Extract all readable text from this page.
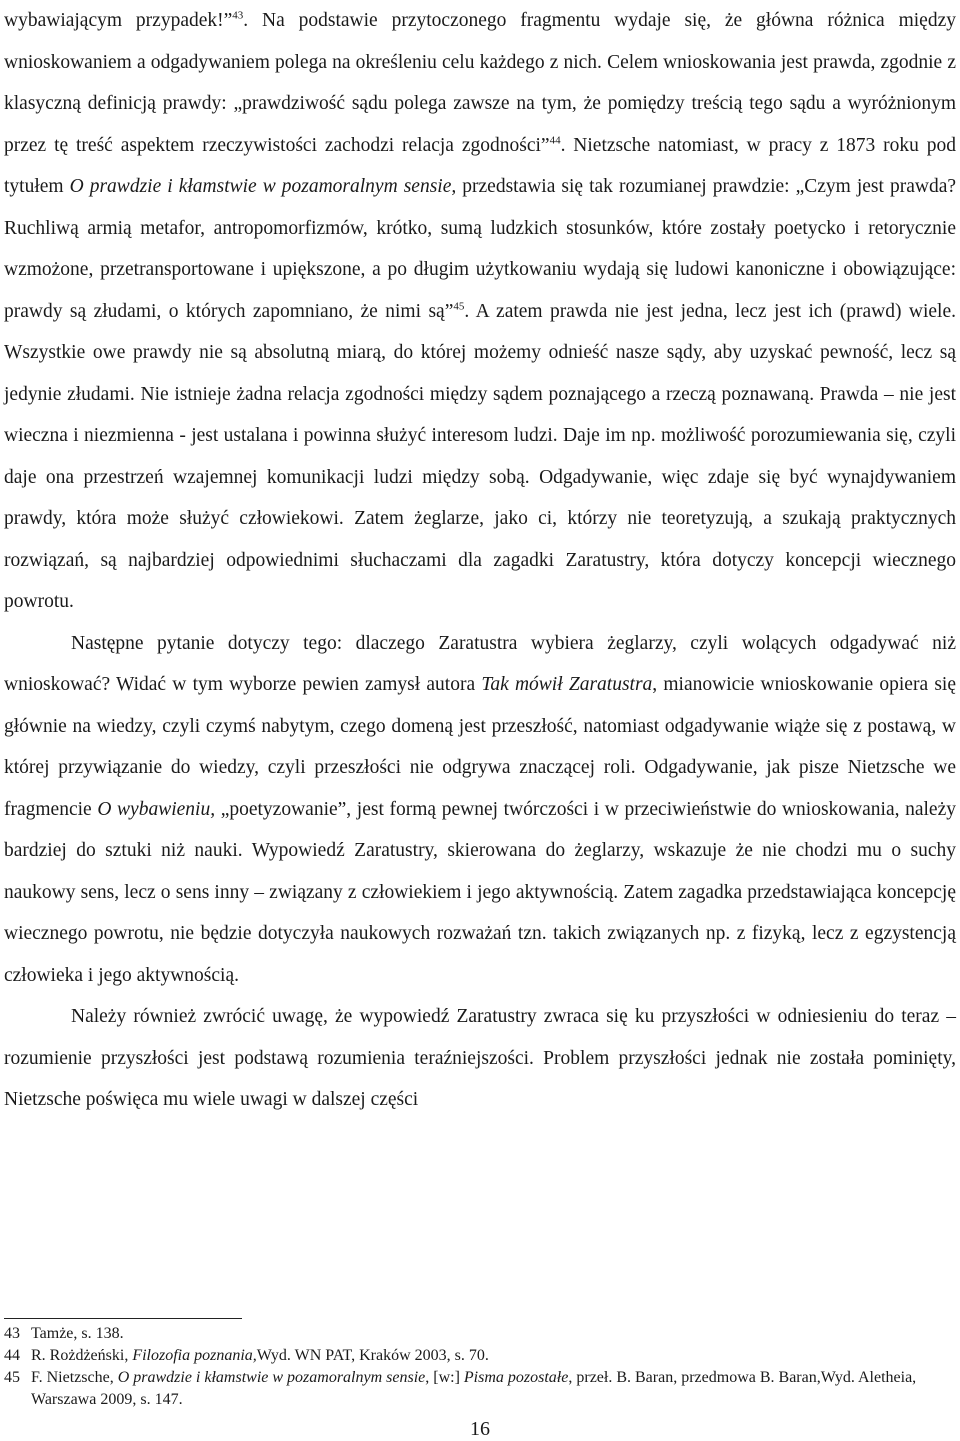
wybawiającym przypadek!”$^{43}$. Na podstawie przytoczonego fragmentu wydaje się, że główna różnica między wnioskowaniem a odgadywaniem polega na określeniu celu każdego z nich. Celem wnioskowania jest prawda, zgodnie z klasyczną definicją prawdy: „prawdziwość sądu polega zawsze na tym, że pomiędzy treścią tego sądu a wyróżnionym przez tę treść aspektem rzeczywistości zachodzi relacja zgodności”$^{44}$. Nietzsche natomiast, w pracy z 1873 roku pod tytułem O prawdzie i kłamstwie w pozamoralnym sensie, przedstawia się tak rozumianej prawdzie: „Czym jest prawda? Ruchliwą armią metafor, antropomorfizmów, krótko, sumą ludzkich stosunków, które zostały poetycko i retorycznie wzmożone, przetransportowane i upiększone, a po długim użytkowaniu wydają się ludowi kanoniczne i obowiązujące: prawdy są złudami, o których zapomniano, że nimi są”$^{45}$. A zatem prawda nie jest jedna, lecz jest ich (prawd) wiele. Wszystkie owe prawdy nie są absolutną miarą, do której możemy odnieść nasze sądy, aby uzyskać pewność, lecz są jedynie złudami. Nie istnieje żadna relacja zgodności między sądem poznającego a rzeczą poznawaną. Prawda – nie jest wieczna i niezmienna - jest ustalana i powinna służyć interesom ludzi. Daje im np. możliwość porozumiewania się, czyli daje ona przestrzeń wzajemnej komunikacji ludzi między sobą. Odgadywanie, więc zdaje się być wynajdywaniem prawdy, która może służyć człowiekowi. Zatem żeglarze, jako ci, którzy nie teoretyzują, a szukają praktycznych rozwiązań, są najbardziej odpowiednimi słuchaczami dla zagadki Zaratustry, która dotyczy koncepcji wiecznego powrotu.

Następne pytanie dotyczy tego: dlaczego Zaratustra wybiera żeglarzy, czyli wolących odgadywać niż wnioskować? Widać w tym wyborze pewien zamysł autora Tak mówił Zaratustra, mianowicie wnioskowanie opiera się głównie na wiedzy, czyli czymś nabytym, czego domeną jest przeszłość, natomiast odgadywanie wiąże się z postawą, w której przywiązanie do wiedzy, czyli przeszłości nie odgrywa znaczącej roli. Odgadywanie, jak pisze Nietzsche we fragmencie O wybawieniu, „poetyzowanie”, jest formą pewnej twórczości i w przeciwieństwie do wnioskowania, należy bardziej do sztuki niż nauki. Wypowiedź Zaratustry, skierowana do żeglarzy, wskazuje że nie chodzi mu o suchy naukowy sens, lecz o sens inny – związany z człowiekiem i jego aktywnością. Zatem zagadka przedstawiająca koncepcję wiecznego powrotu, nie będzie dotyczyła naukowych rozważań tzn. takich związanych np. z fizyką, lecz z egzystencją człowieka i jego aktywnością.

Należy również zwrócić uwagę, że wypowiedź Zaratustry zwraca się ku przyszłości w odniesieniu do teraz – rozumienie przyszłości jest podstawą rozumienia teraźniejszości. Problem przyszłości jednak nie została pominięty, Nietzsche poświęca mu wiele uwagi w dalszej części

43 Tamże, s. 138.
44 R. Rożdżeński, Filozofia poznania,Wyd. WN PAT, Kraków 2003, s. 70.
45 F. Nietzsche, O prawdzie i kłamstwie w pozamoralnym sensie, [w:] Pisma pozostałe, przeł. B. Baran, przedmowa B. Baran,Wyd. Aletheia, Warszawa 2009, s. 147.
16
